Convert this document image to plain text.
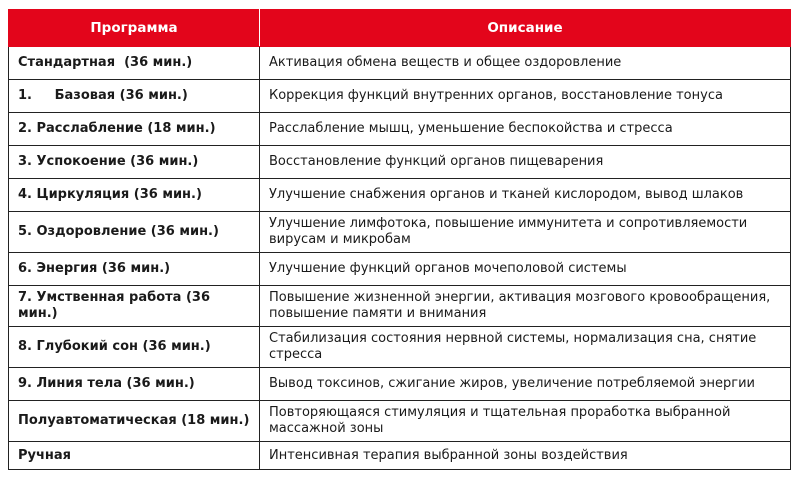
Программа	Описание
Стандартная  (36 мин.)	Активация обмена веществ и общее оздоровление
1.     Базовая (36 мин.)	Коррекция функций внутренних органов, восстановление тонуса
2. Расслабление (18 мин.)	Расслабление мышц, уменьшение беспокойства и стресса
3. Успокоение (36 мин.)	Восстановление функций органов пищеварения
4. Циркуляция (36 мин.)	Улучшение снабжения органов и тканей кислородом, вывод шлаков
5. Оздоровление (36 мин.)	Улучшение лимфотока, повышение иммунитета и сопротивляемости вирусам и микробам
6. Энергия (36 мин.)	Улучшение функций органов мочеполовой системы
7. Умственная работа (36 мин.)	Повышение жизненной энергии, активация мозгового кровообращения, повышение памяти и внимания
8. Глубокий сон (36 мин.)	Стабилизация состояния нервной системы, нормализация сна, снятие стресса
9. Линия тела (36 мин.)	Вывод токсинов, сжигание жиров, увеличение потребляемой энергии
Полуавтоматическая (18 мин.)	Повторяющаяся стимуляция и тщательная проработка выбранной массажной зоны
Ручная	Интенсивная терапия выбранной зоны воздействия
